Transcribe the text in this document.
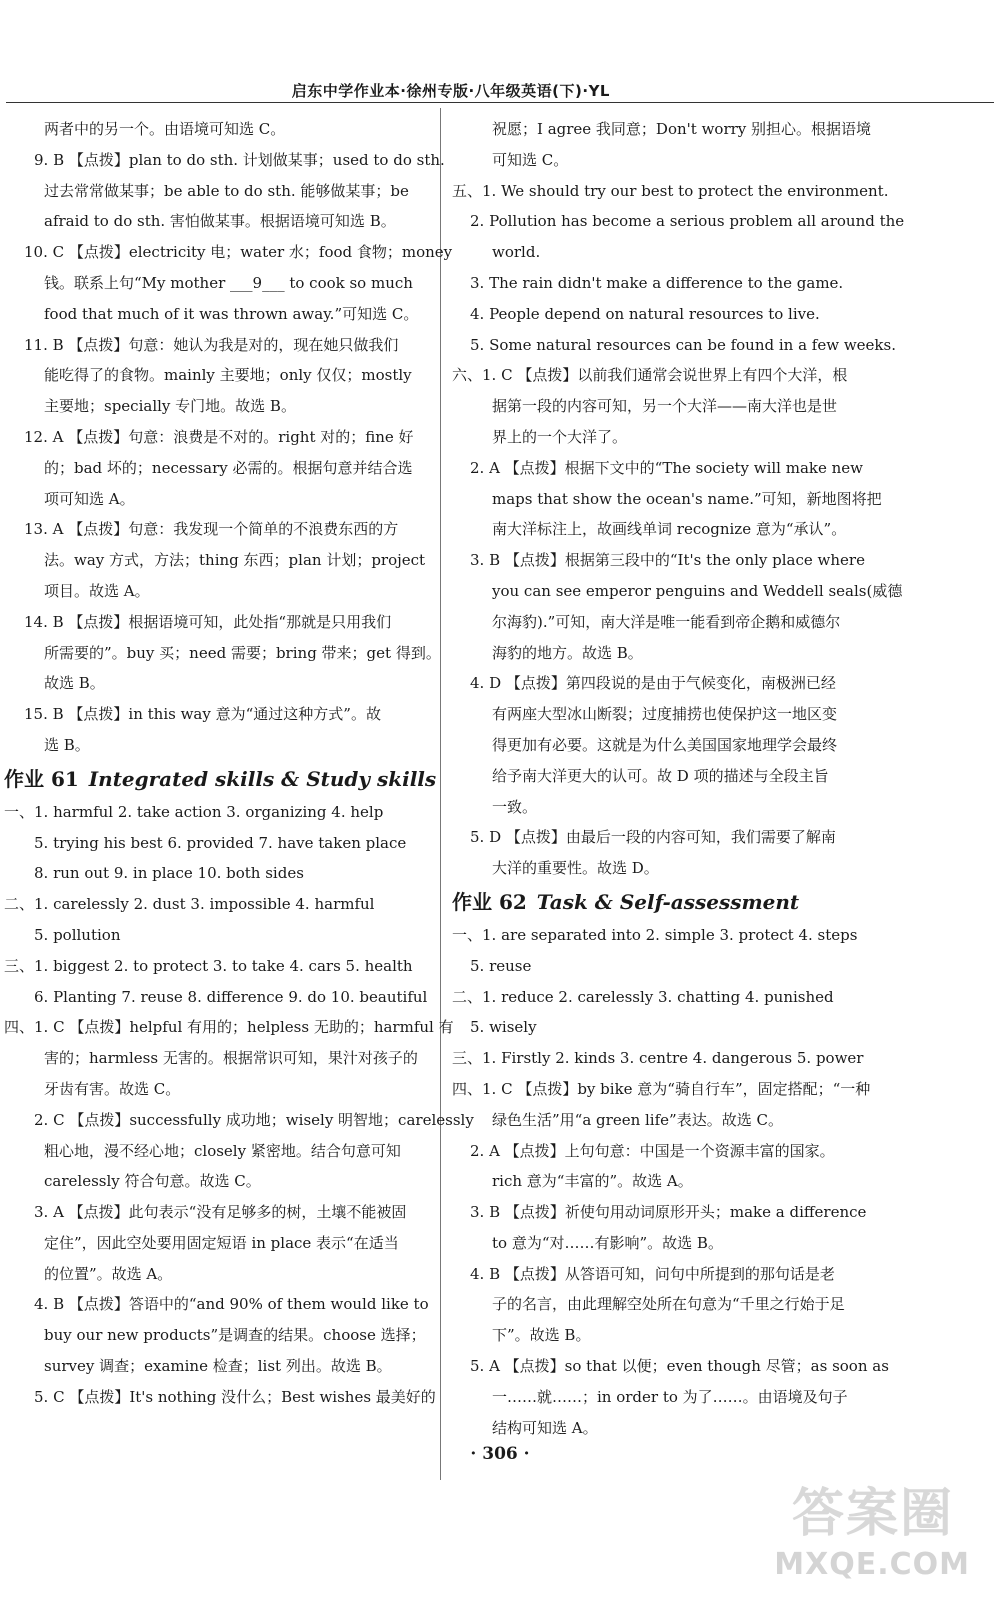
启东中学作业本·徐州专版·八年级英语(下)·YL
两者中的另一个。由语境可知选 C。
9. B 【点拨】plan to do sth. 计划做某事；used to do sth.
过去常常做某事；be able to do sth. 能够做某事；be
afraid to do sth. 害怕做某事。根据语境可知选 B。
10. C 【点拨】electricity 电；water 水；food 食物；money
钱。联系上句“My mother ___9___ to cook so much
food that much of it was thrown away.”可知选 C。
11. B 【点拨】句意：她认为我是对的，现在她只做我们
能吃得了的食物。mainly 主要地；only 仅仅；mostly
主要地；specially 专门地。故选 B。
12. A 【点拨】句意：浪费是不对的。right 对的；fine 好
的；bad 坏的；necessary 必需的。根据句意并结合选
项可知选 A。
13. A 【点拨】句意：我发现一个简单的不浪费东西的方
法。way 方式，方法；thing 东西；plan 计划；project
项目。故选 A。
14. B 【点拨】根据语境可知，此处指“那就是只用我们
所需要的”。buy 买；need 需要；bring 带来；get 得到。
故选 B。
15. B 【点拨】in this way 意为“通过这种方式”。故
选 B。
作业 61 Integrated skills & Study skills
一、1. harmful 2. take action 3. organizing 4. help
5. trying his best 6. provided 7. have taken place
8. run out 9. in place 10. both sides
二、1. carelessly 2. dust 3. impossible 4. harmful
5. pollution
三、1. biggest 2. to protect 3. to take 4. cars 5. health
6. Planting 7. reuse 8. difference 9. do 10. beautiful
四、1. C 【点拨】helpful 有用的；helpless 无助的；harmful 有
害的；harmless 无害的。根据常识可知，果汁对孩子的
牙齿有害。故选 C。
2. C 【点拨】successfully 成功地；wisely 明智地；carelessly
粗心地，漫不经心地；closely 紧密地。结合句意可知
carelessly 符合句意。故选 C。
3. A 【点拨】此句表示“没有足够多的树，土壤不能被固
定住”，因此空处要用固定短语 in place 表示“在适当
的位置”。故选 A。
4. B 【点拨】答语中的“and 90% of them would like to
buy our new products”是调查的结果。choose 选择；
survey 调查；examine 检查；list 列出。故选 B。
5. C 【点拨】It's nothing 没什么；Best wishes 最美好的
祝愿；I agree 我同意；Don't worry 别担心。根据语境
可知选 C。
五、1. We should try our best to protect the environment.
2. Pollution has become a serious problem all around the
world.
3. The rain didn't make a difference to the game.
4. People depend on natural resources to live.
5. Some natural resources can be found in a few weeks.
六、1. C 【点拨】以前我们通常会说世界上有四个大洋，根
据第一段的内容可知，另一个大洋——南大洋也是世
界上的一个大洋了。
2. A 【点拨】根据下文中的“The society will make new
maps that show the ocean's name.”可知，新地图将把
南大洋标注上，故画线单词 recognize 意为“承认”。
3. B 【点拨】根据第三段中的“It's the only place where
you can see emperor penguins and Weddell seals(威德
尔海豹).”可知，南大洋是唯一能看到帝企鹅和威德尔
海豹的地方。故选 B。
4. D 【点拨】第四段说的是由于气候变化，南极洲已经
有两座大型冰山断裂；过度捕捞也使保护这一地区变
得更加有必要。这就是为什么美国国家地理学会最终
给予南大洋更大的认可。故 D 项的描述与全段主旨
一致。
5. D 【点拨】由最后一段的内容可知，我们需要了解南
大洋的重要性。故选 D。
作业 62 Task & Self-assessment
一、1. are separated into 2. simple 3. protect 4. steps
5. reuse
二、1. reduce 2. carelessly 3. chatting 4. punished
5. wisely
三、1. Firstly 2. kinds 3. centre 4. dangerous 5. power
四、1. C 【点拨】by bike 意为“骑自行车”，固定搭配；“一种
绿色生活”用“a green life”表达。故选 C。
2. A 【点拨】上句句意：中国是一个资源丰富的国家。
rich 意为“丰富的”。故选 A。
3. B 【点拨】祈使句用动词原形开头；make a difference
to 意为“对……有影响”。故选 B。
4. B 【点拨】从答语可知，问句中所提到的那句话是老
子的名言，由此理解空处所在句意为“千里之行始于足
下”。故选 B。
5. A 【点拨】so that 以便；even though 尽管；as soon as
一……就……；in order to 为了……。由语境及句子
结构可知选 A。
· 306 ·
答案圈
MXQE.COM
